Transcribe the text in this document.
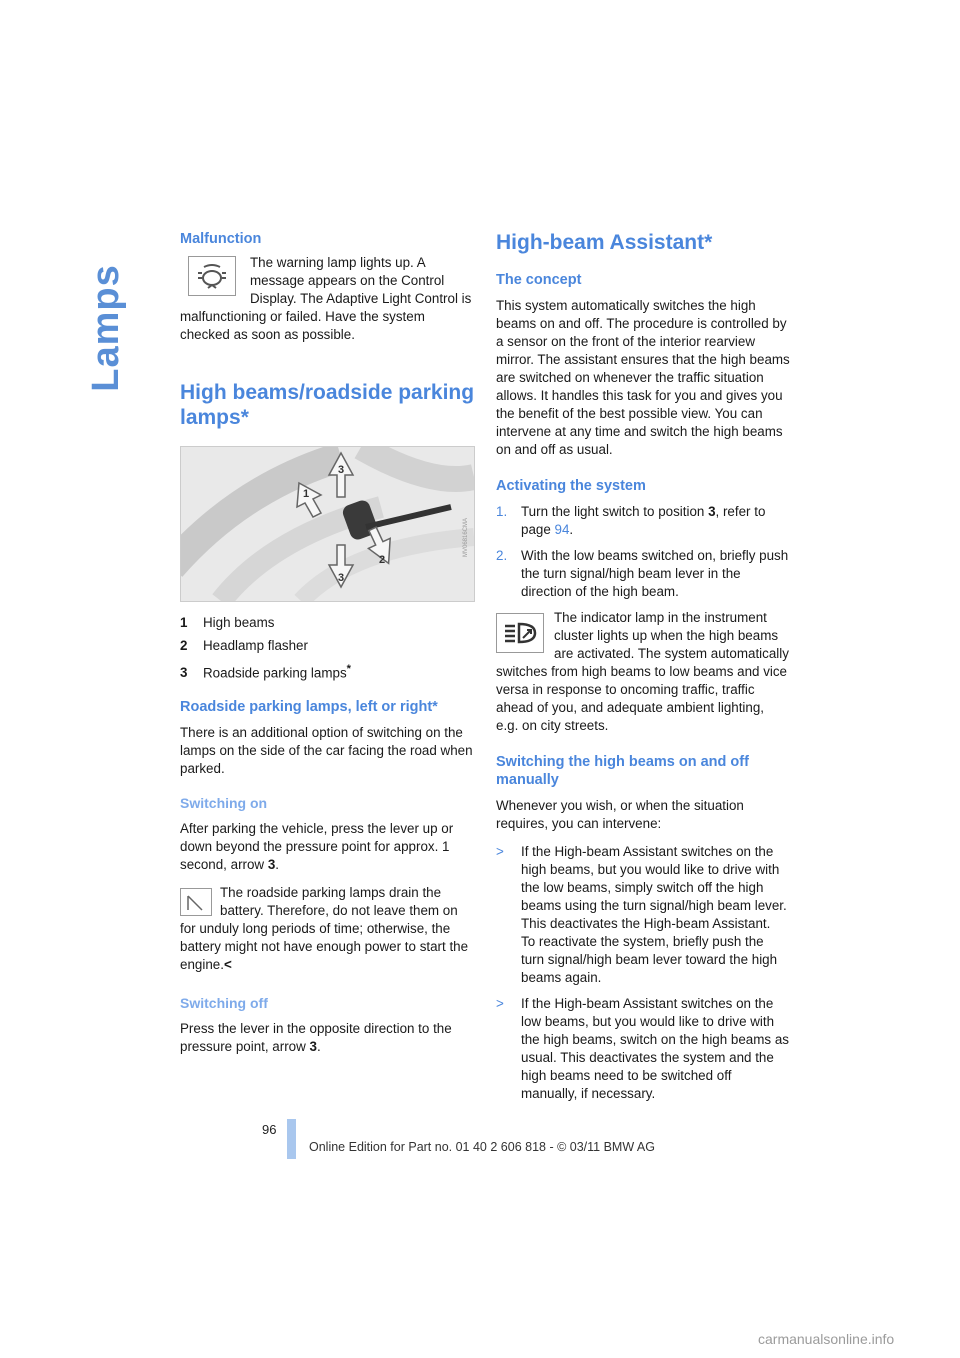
Lamps
Malfunction

The warning lamp lights up. A message appears on the Control Display. The Adaptive Light Control is malfunctioning or failed. Have the system checked as soon as possible.

High beams/roadside parking lamps*
3
1
2
3
MV06816CMA
1 High beams
2 Headlamp flasher
3 Roadside parking lamps*
Roadside parking lamps, left or right*

There is an additional option of switching on the lamps on the side of the car facing the road when parked.

Switching on

After parking the vehicle, press the lever up or down beyond the pressure point for approx. 1 second, arrow 3.

The roadside parking lamps drain the battery. Therefore, do not leave them on for unduly long periods of time; otherwise, the battery might not have enough power to start the engine.<

Switching off

Press the lever in the opposite direction to the pressure point, arrow 3.

High-beam Assistant*
The concept

This system automatically switches the high beams on and off. The procedure is controlled by a sensor on the front of the interior rearview mirror. The assistant ensures that the high beams are switched on whenever the traffic situation allows. It handles this task for you and gives you the benefit of the best possible view. You can intervene at any time and switch the high beams on and off as usual.

Activating the system
1.	Turn the light switch to position 3, refer to page 94.
2.	With the low beams switched on, briefly push the turn signal/high beam lever in the direction of the high beam.

The indicator lamp in the instrument cluster lights up when the high beams are activated. The system automatically switches from high beams to low beams and vice versa in response to oncoming traffic, traffic ahead of you, and adequate ambient lighting, e.g. on city streets.

Switching the high beams on and off manually

Whenever you wish, or when the situation requires, you can intervene:

>	If the High-beam Assistant switches on the high beams, but you would like to drive with the low beams, simply switch off the high beams using the turn signal/high beam lever. This deactivates the High-beam Assistant.
To reactivate the system, briefly push the turn signal/high beam lever toward the high beams again.
>	If the High-beam Assistant switches on the low beams, but you would like to drive with the high beams, switch on the high beams as usual. This deactivates the system and the high beams need to be switched off manually, if necessary.
96
Online Edition for Part no. 01 40 2 606 818 - © 03/11 BMW AG
carmanualsonline.info
